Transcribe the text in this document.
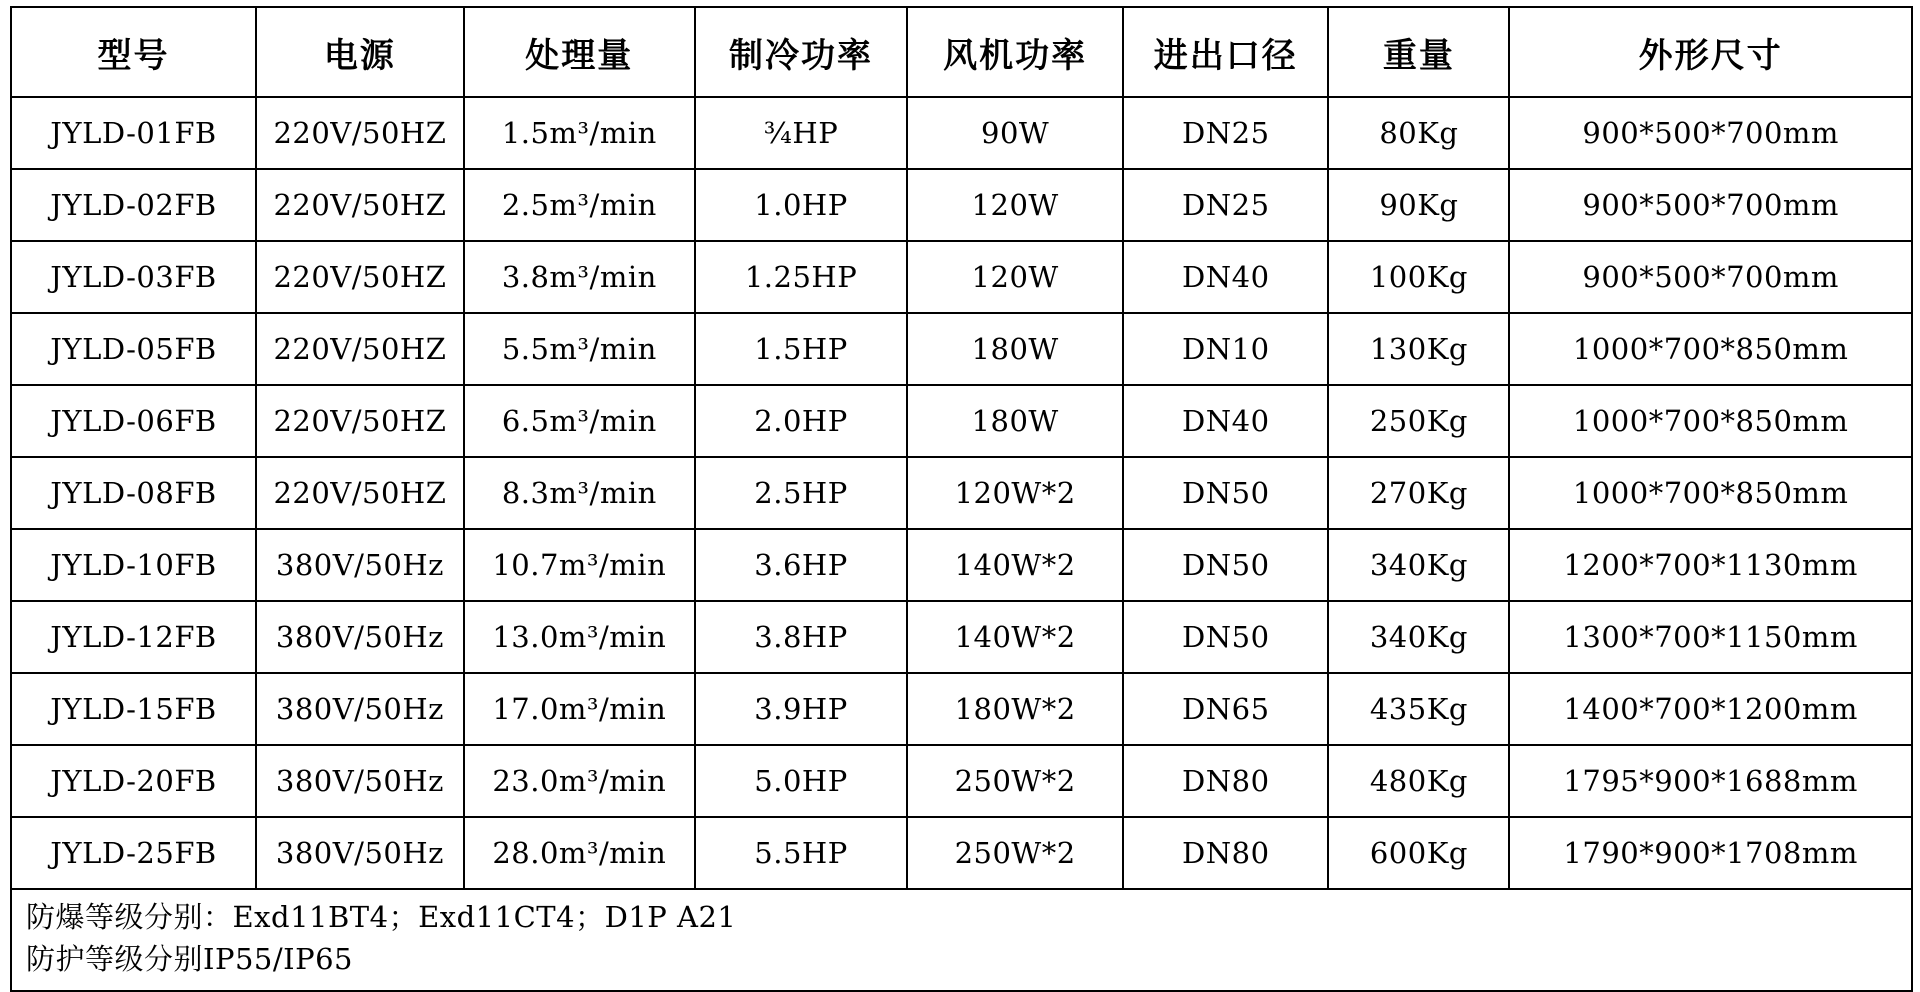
型号	电源	处理量	制冷功率	风机功率	进出口径	重量	外形尺寸
JYLD-01FB	220V/50HZ	1.5m³/min	¾HP	90W	DN25	80Kg	900*500*700mm
JYLD-02FB	220V/50HZ	2.5m³/min	1.0HP	120W	DN25	90Kg	900*500*700mm
JYLD-03FB	220V/50HZ	3.8m³/min	1.25HP	120W	DN40	100Kg	900*500*700mm
JYLD-05FB	220V/50HZ	5.5m³/min	1.5HP	180W	DN10	130Kg	1000*700*850mm
JYLD-06FB	220V/50HZ	6.5m³/min	2.0HP	180W	DN40	250Kg	1000*700*850mm
JYLD-08FB	220V/50HZ	8.3m³/min	2.5HP	120W*2	DN50	270Kg	1000*700*850mm
JYLD-10FB	380V/50Hz	10.7m³/min	3.6HP	140W*2	DN50	340Kg	1200*700*1130mm
JYLD-12FB	380V/50Hz	13.0m³/min	3.8HP	140W*2	DN50	340Kg	1300*700*1150mm
JYLD-15FB	380V/50Hz	17.0m³/min	3.9HP	180W*2	DN65	435Kg	1400*700*1200mm
JYLD-20FB	380V/50Hz	23.0m³/min	5.0HP	250W*2	DN80	480Kg	1795*900*1688mm
JYLD-25FB	380V/50Hz	28.0m³/min	5.5HP	250W*2	DN80	600Kg	1790*900*1708mm

防爆等级分别：Exd11BT4；Exd11CT4；D1P A21
防护等级分别IP55/IP65							
